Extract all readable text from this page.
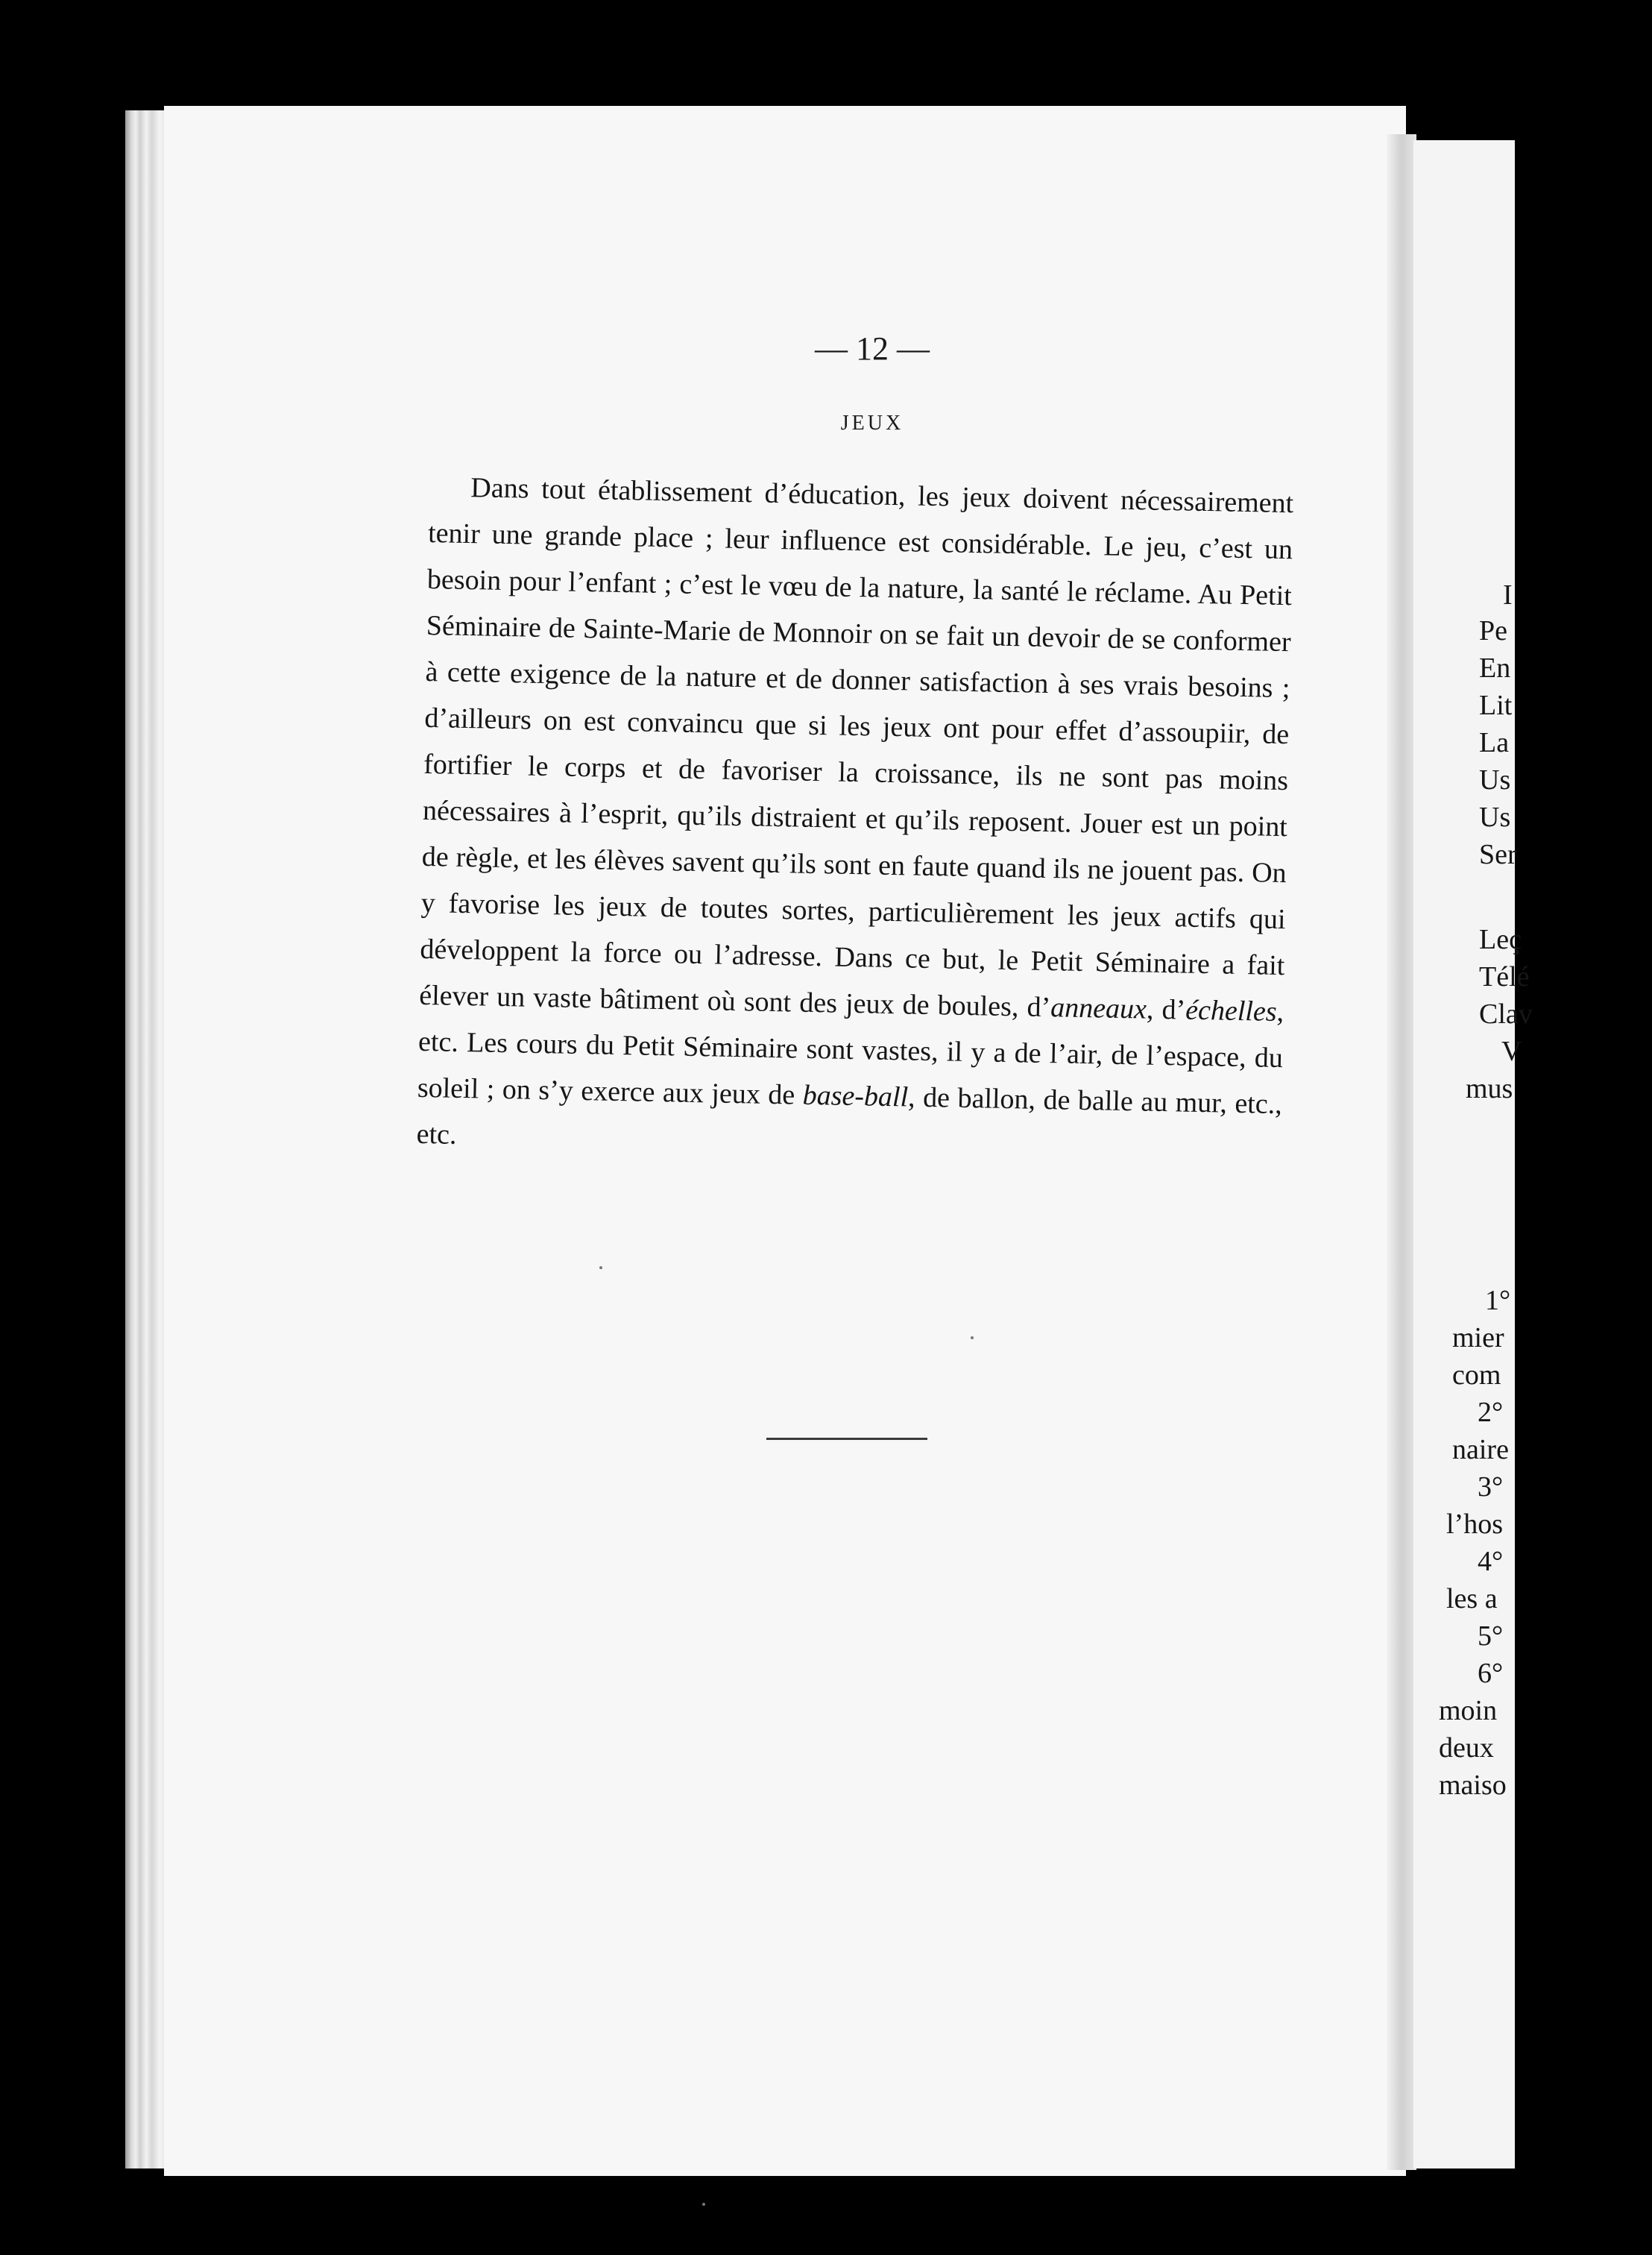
I
Pe
En
Lit
La
Us
Us
Ser
Leç
Télé
Clav
V
mus
1°
mier
com
2°
naire
3°
l’hos
4°
les a
5°
6°
moin
deux
maiso
— 12 —
JEUX

Dans tout établissement d’éducation, les jeux doivent nécessairement tenir une grande place ; leur influence est considérable. Le jeu, c’est un besoin pour l’enfant ; c’est le vœu de la nature, la santé le réclame. Au Petit Séminaire de Sainte-Marie de Monnoir on se fait un devoir de se conformer à cette exigence de la nature et de donner satisfaction à ses vrais besoins ; d’ailleurs on est convaincu que si les jeux ont pour effet d’assoupiir, de fortifier le corps et de favoriser la croissance, ils ne sont pas moins nécessaires à l’esprit, qu’ils distraient et qu’ils reposent. Jouer est un point de règle, et les élèves savent qu’ils sont en faute quand ils ne jouent pas. On y favorise les jeux de toutes sortes, particulièrement les jeux actifs qui développent la force ou l’adresse. Dans ce but, le Petit Séminaire a fait élever un vaste bâtiment où sont des jeux de boules, d’anneaux, d’échelles, etc. Les cours du Petit Séminaire sont vastes, il y a de l’air, de l’espace, du soleil ; on s’y exerce aux jeux de base-ball, de ballon, de balle au mur, etc., etc.
